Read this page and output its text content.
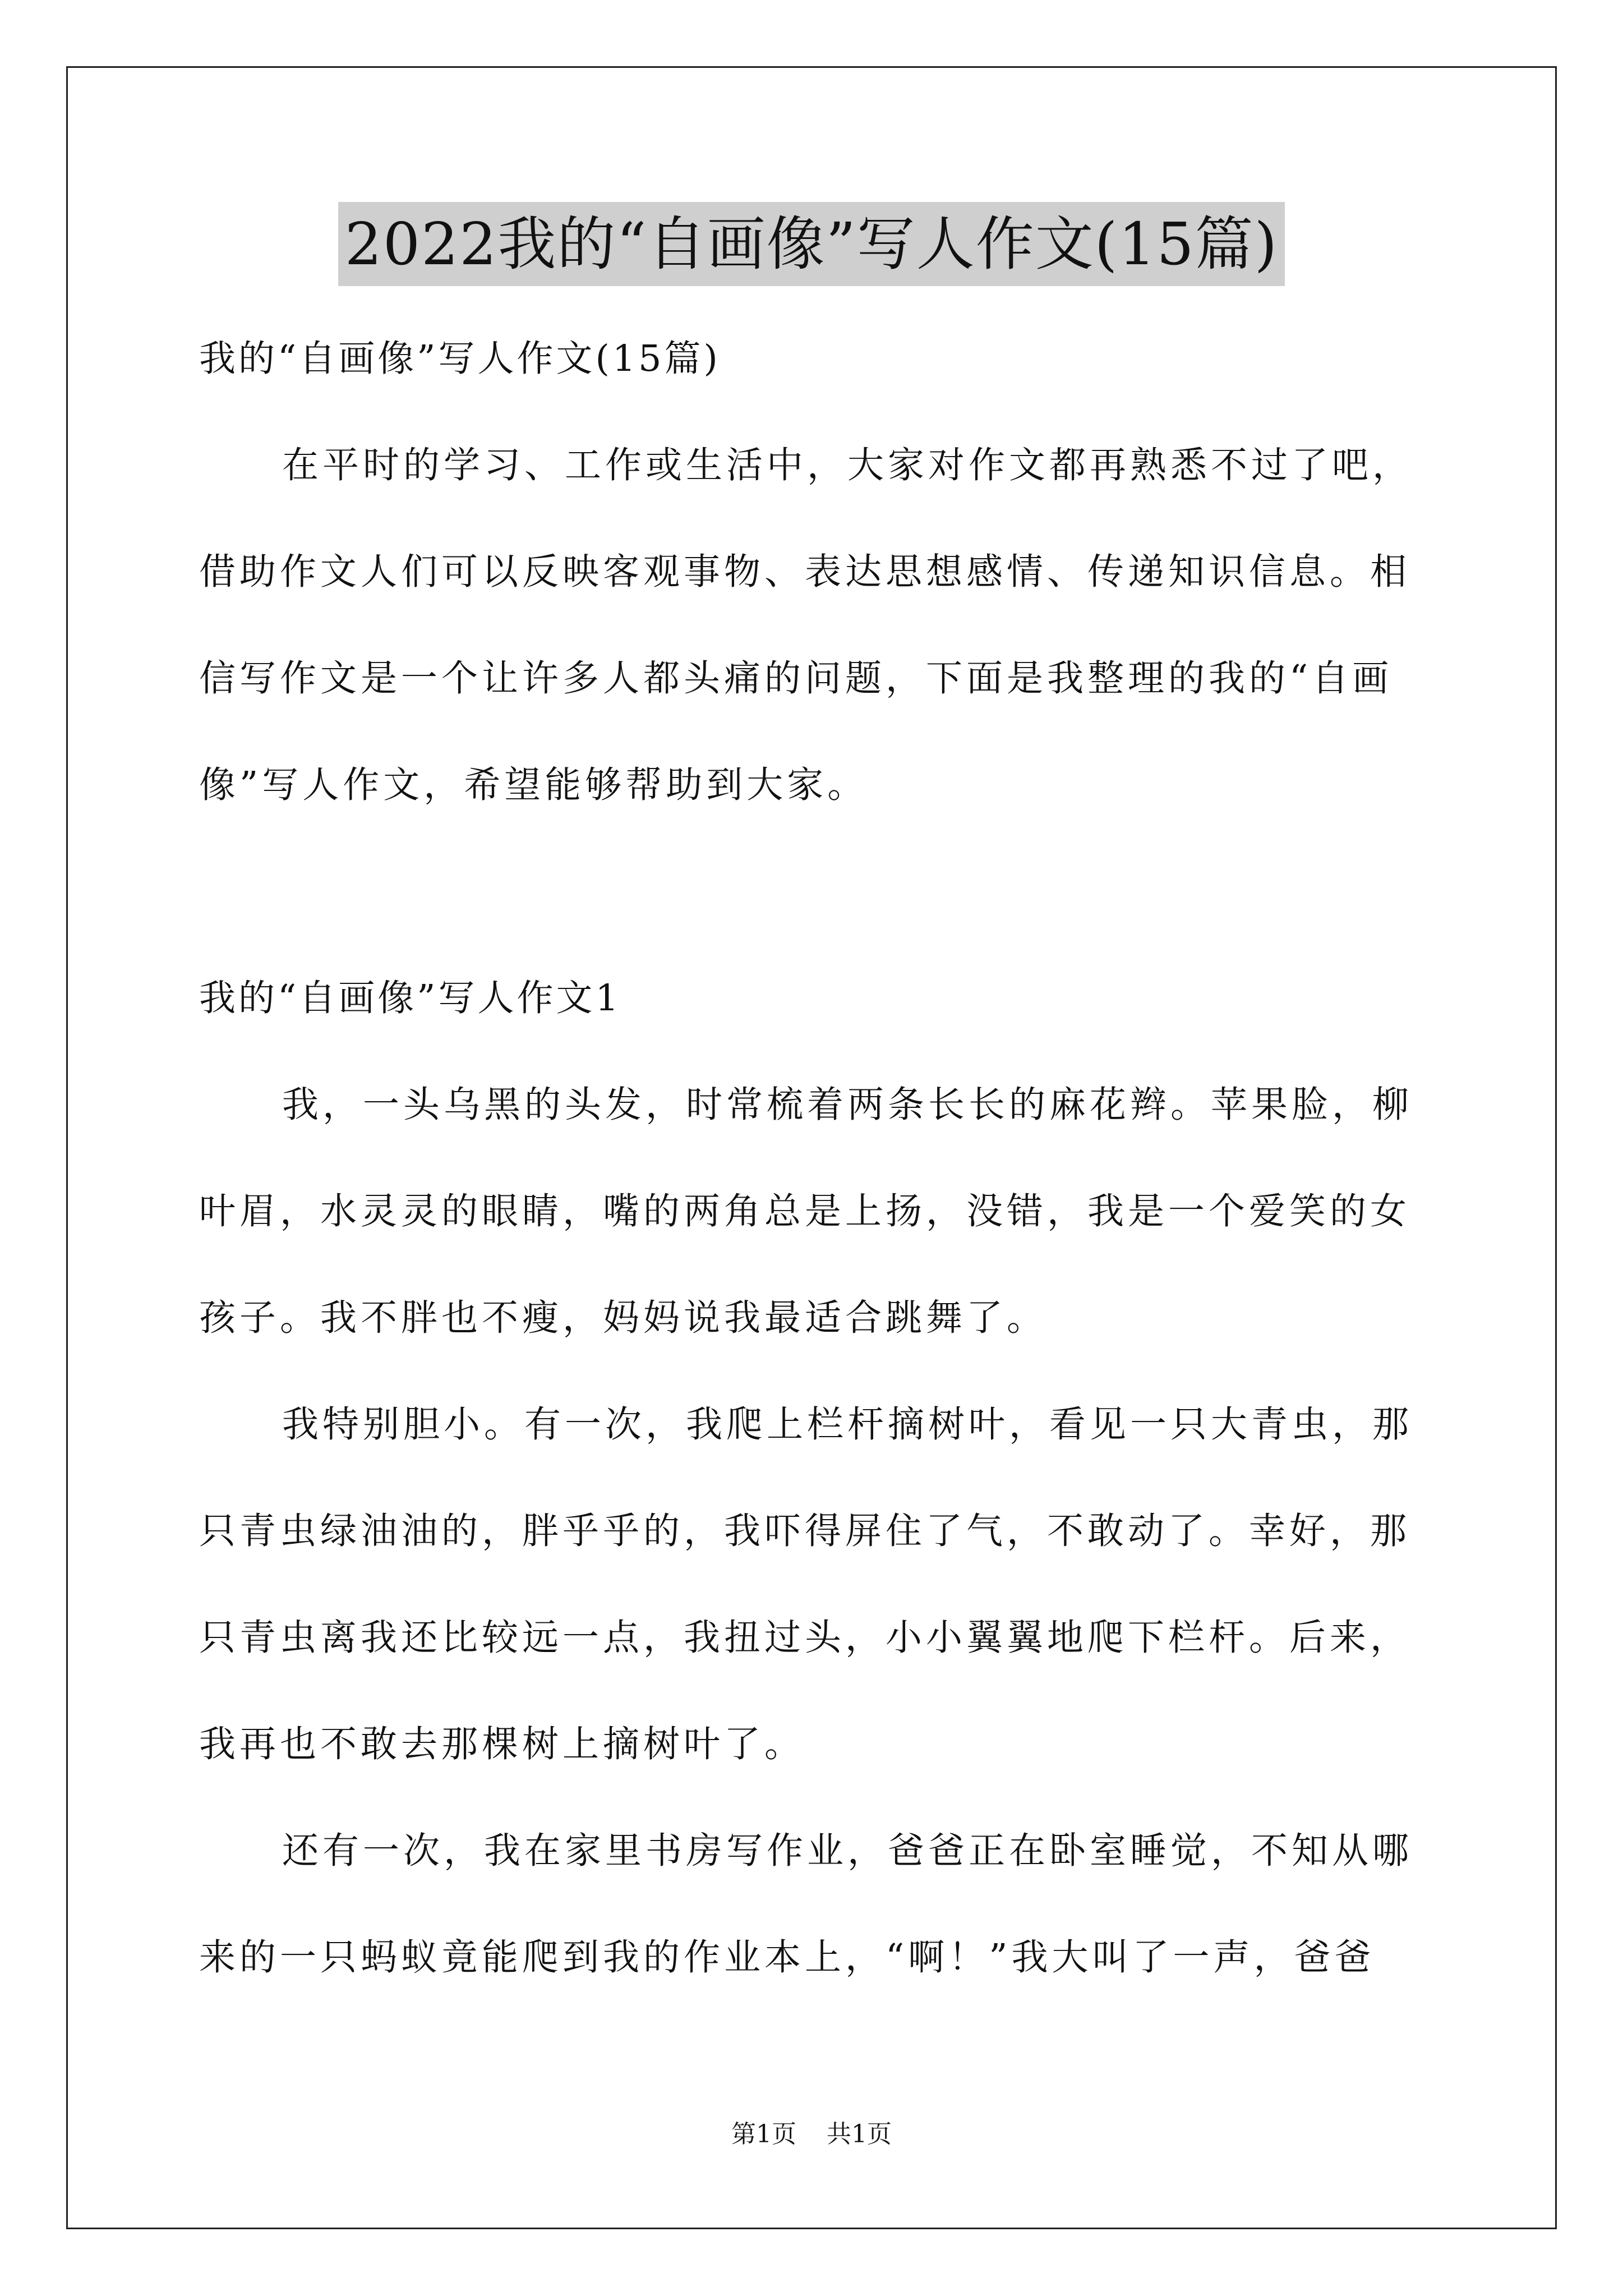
2022我的“自画像”写人作文(15篇)
我的“自画像”写人作文(15篇)
在平时的学习、工作或生活中，大家对作文都再熟悉不过了吧，
借助作文人们可以反映客观事物、表达思想感情、传递知识信息。相
信写作文是一个让许多人都头痛的问题，下面是我整理的我的“自画
像”写人作文，希望能够帮助到大家。
我的“自画像”写人作文1
我，一头乌黑的头发，时常梳着两条长长的麻花辫。苹果脸，柳
叶眉，水灵灵的眼睛，嘴的两角总是上扬，没错，我是一个爱笑的女
孩子。我不胖也不瘦，妈妈说我最适合跳舞了。
我特别胆小。有一次，我爬上栏杆摘树叶，看见一只大青虫，那
只青虫绿油油的，胖乎乎的，我吓得屏住了气，不敢动了。幸好，那
只青虫离我还比较远一点，我扭过头，小小翼翼地爬下栏杆。后来，
我再也不敢去那棵树上摘树叶了。
还有一次，我在家里书房写作业，爸爸正在卧室睡觉，不知从哪
来的一只蚂蚁竟能爬到我的作业本上，“啊！”我大叫了一声，爸爸
第1页 共1页
